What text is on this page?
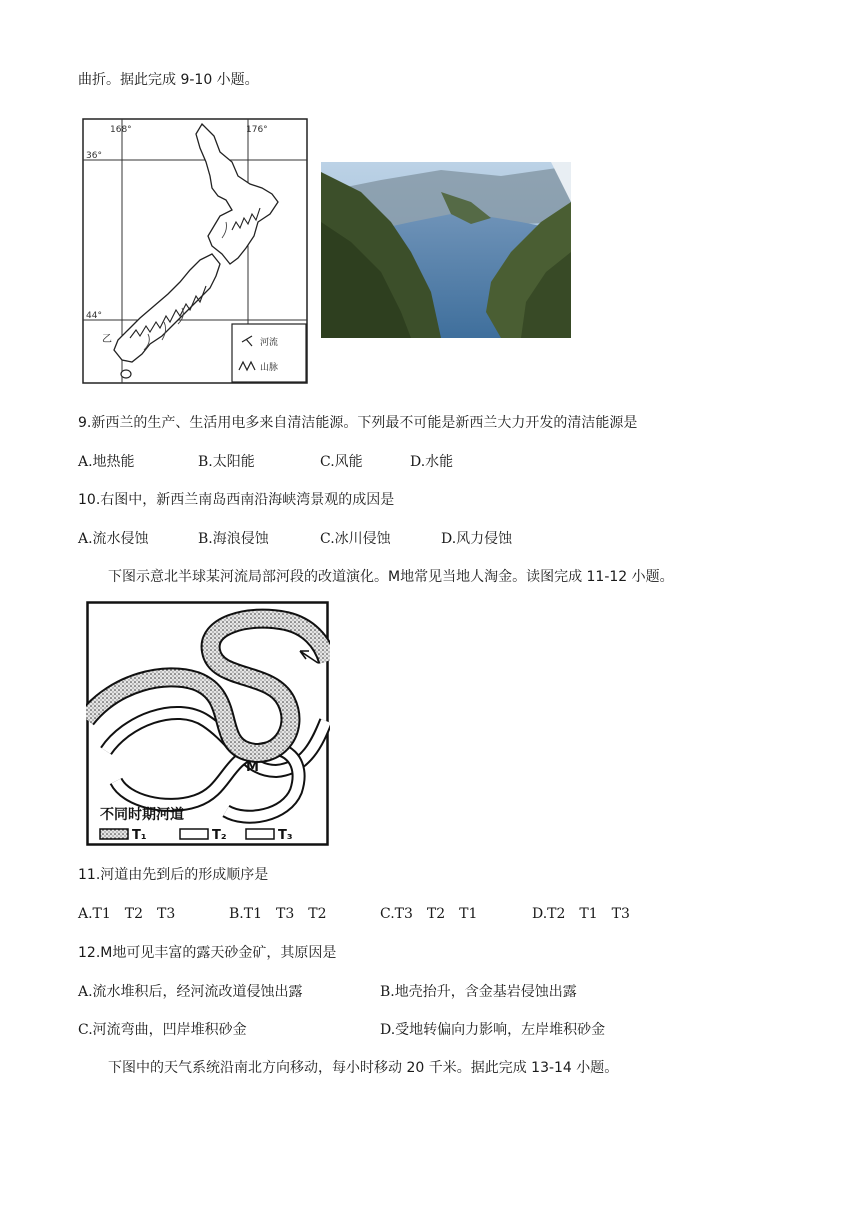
曲折。据此完成 9-10 小题。
168°	176°
36°
44°
乙	河流
山脉
9.新西兰的生产、生活用电多来自清洁能源。下列最不可能是新西兰大力开发的清洁能源是
A.地热能	B.太阳能	C.风能	D.水能
10.右图中，新西兰南岛西南沿海峡湾景观的成因是
A.流水侵蚀	B.海浪侵蚀	C.冰川侵蚀	D.风力侵蚀
下图示意北半球某河流局部河段的改道演化。M地常见当地人淘金。读图完成 11-12 小题。
M
不同时期河道
T₁	T₂	T₃
11.河道由先到后的形成顺序是
A.T1　T2　T3	B.T1　T3　T2	C.T3　T2　T1	D.T2　T1　T3
12.M地可见丰富的露天砂金矿，其原因是
A.流水堆积后，经河流改道侵蚀出露	B.地壳抬升，含金基岩侵蚀出露
C.河流弯曲，凹岸堆积砂金	D.受地转偏向力影响，左岸堆积砂金
下图中的天气系统沿南北方向移动，每小时移动 20 千米。据此完成 13-14 小题。
